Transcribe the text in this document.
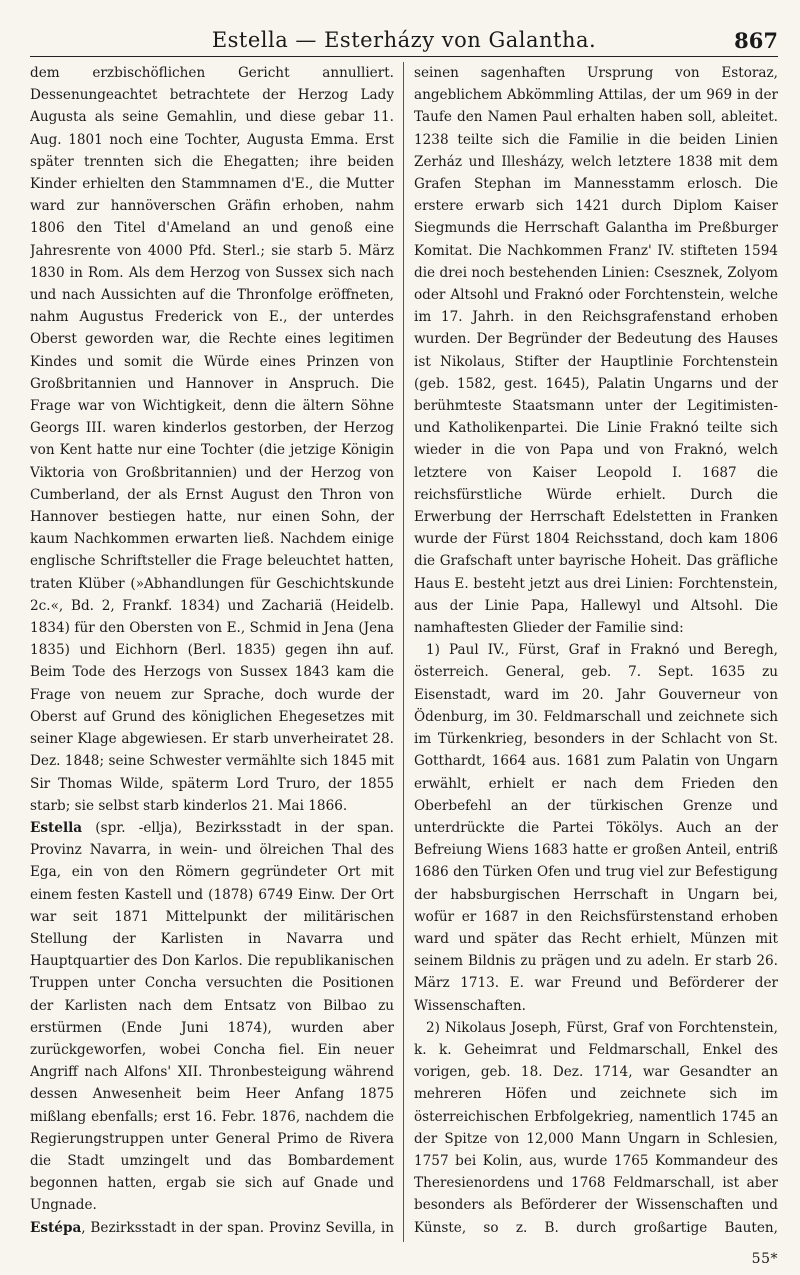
Estella — Esterházy von Galantha.	867

dem erzbischöflichen Gericht annulliert. Dessenungeachtet betrachtete der Herzog Lady Augusta als seine Gemahlin, und diese gebar 11. Aug. 1801 noch eine Tochter, Augusta Emma. Erst später trennten sich die Ehegatten; ihre beiden Kinder erhielten den Stammnamen d'E., die Mutter ward zur hannöverschen Gräfin erhoben, nahm 1806 den Titel d'Ameland an und genoß eine Jahresrente von 4000 Pfd. Sterl.; sie starb 5. März 1830 in Rom. Als dem Herzog von Sussex sich nach und nach Aussichten auf die Thronfolge eröffneten, nahm Augustus Frederick von E., der unterdes Oberst geworden war, die Rechte eines legitimen Kindes und somit die Würde eines Prinzen von Großbritannien und Hannover in Anspruch. Die Frage war von Wichtigkeit, denn die ältern Söhne Georgs III. waren kinderlos gestorben, der Herzog von Kent hatte nur eine Tochter (die jetzige Königin Viktoria von Großbritannien) und der Herzog von Cumberland, der als Ernst August den Thron von Hannover bestiegen hatte, nur einen Sohn, der kaum Nachkommen erwarten ließ. Nachdem einige englische Schriftsteller die Frage beleuchtet hatten, traten Klüber (»Abhandlungen für Geschichtskunde 2c.«, Bd. 2, Frankf. 1834) und Zachariä (Heidelb. 1834) für den Obersten von E., Schmid in Jena (Jena 1835) und Eichhorn (Berl. 1835) gegen ihn auf. Beim Tode des Herzogs von Sussex 1843 kam die Frage von neuem zur Sprache, doch wurde der Oberst auf Grund des königlichen Ehegesetzes mit seiner Klage abgewiesen. Er starb unverheiratet 28. Dez. 1848; seine Schwester vermählte sich 1845 mit Sir Thomas Wilde, späterm Lord Truro, der 1855 starb; sie selbst starb kinderlos 21. Mai 1866.

Estella (spr. -ellja), Bezirksstadt in der span. Provinz Navarra, in wein- und ölreichen Thal des Ega, ein von den Römern gegründeter Ort mit einem festen Kastell und (1878) 6749 Einw. Der Ort war seit 1871 Mittelpunkt der militärischen Stellung der Karlisten in Navarra und Hauptquartier des Don Karlos. Die republikanischen Truppen unter Concha versuchten die Positionen der Karlisten nach dem Entsatz von Bilbao zu erstürmen (Ende Juni 1874), wurden aber zurückgeworfen, wobei Concha fiel. Ein neuer Angriff nach Alfons' XII. Thronbesteigung während dessen Anwesenheit beim Heer Anfang 1875 mißlang ebenfalls; erst 16. Febr. 1876, nachdem die Regierungstruppen unter General Primo de Rivera die Stadt umzingelt und das Bombardement begonnen hatten, ergab sie sich auf Gnade und Ungnade.

Estépa, Bezirksstadt in der span. Provinz Sevilla, in

seinen sagenhaften Ursprung von Estoraz, angeblichem Abkömmling Attilas, der um 969 in der Taufe den Namen Paul erhalten haben soll, ableitet. 1238 teilte sich die Familie in die beiden Linien Zerház und Illesházy, welch letztere 1838 mit dem Grafen Stephan im Mannesstamm erlosch. Die erstere erwarb sich 1421 durch Diplom Kaiser Siegmunds die Herrschaft Galantha im Preßburger Komitat. Die Nachkommen Franz' IV. stifteten 1594 die drei noch bestehenden Linien: Csesznek, Zolyom oder Altsohl und Fraknó oder Forchtenstein, welche im 17. Jahrh. in den Reichsgrafenstand erhoben wurden. Der Begründer der Bedeutung des Hauses ist Nikolaus, Stifter der Hauptlinie Forchtenstein (geb. 1582, gest. 1645), Palatin Ungarns und der berühmteste Staatsmann unter der Legitimisten- und Katholikenpartei. Die Linie Fraknó teilte sich wieder in die von Papa und von Fraknó, welch letztere von Kaiser Leopold I. 1687 die reichsfürstliche Würde erhielt. Durch die Erwerbung der Herrschaft Edelstetten in Franken wurde der Fürst 1804 Reichsstand, doch kam 1806 die Grafschaft unter bayrische Hoheit. Das gräfliche Haus E. besteht jetzt aus drei Linien: Forchtenstein, aus der Linie Papa, Hallewyl und Altsohl. Die namhaftesten Glieder der Familie sind:

1) Paul IV., Fürst, Graf in Fraknó und Beregh, österreich. General, geb. 7. Sept. 1635 zu Eisenstadt, ward im 20. Jahr Gouverneur von Ödenburg, im 30. Feldmarschall und zeichnete sich im Türkenkrieg, besonders in der Schlacht von St. Gotthardt, 1664 aus. 1681 zum Palatin von Ungarn erwählt, erhielt er nach dem Frieden den Oberbefehl an der türkischen Grenze und unterdrückte die Partei Tökölys. Auch an der Befreiung Wiens 1683 hatte er großen Anteil, entriß 1686 den Türken Ofen und trug viel zur Befestigung der habsburgischen Herrschaft in Ungarn bei, wofür er 1687 in den Reichsfürstenstand erhoben ward und später das Recht erhielt, Münzen mit seinem Bildnis zu prägen und zu adeln. Er starb 26. März 1713. E. war Freund und Beförderer der Wissenschaften.

2) Nikolaus Joseph, Fürst, Graf von Forchtenstein, k. k. Geheimrat und Feldmarschall, Enkel des vorigen, geb. 18. Dez. 1714, war Gesandter an mehreren Höfen und zeichnete sich im österreichischen Erbfolgekrieg, namentlich 1745 an der Spitze von 12,000 Mann Ungarn in Schlesien, 1757 bei Kolin, aus, wurde 1765 Kommandeur des Theresienordens und 1768 Feldmarschall, ist aber besonders als Beförderer der Wissenschaften und Künste, so z. B. durch großartige Bauten,

55*
